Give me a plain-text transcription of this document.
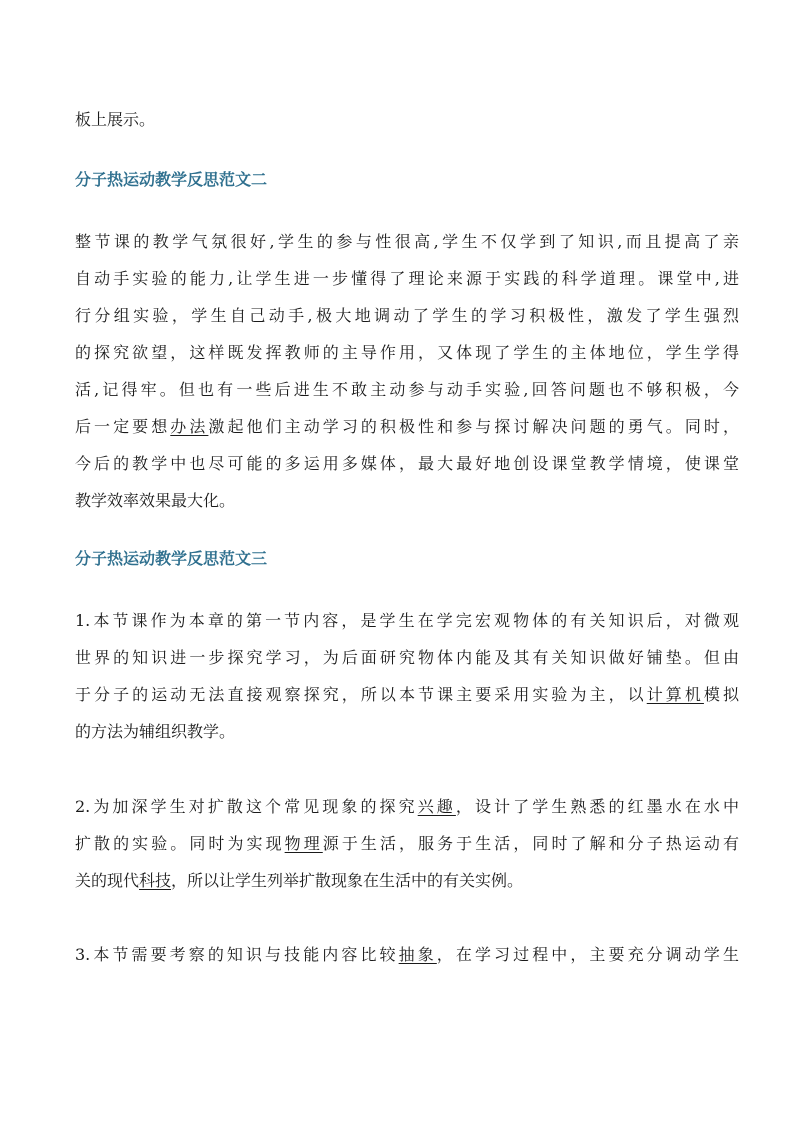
板上展示。
分子热运动教学反思范文二
整节课的教学气氛很好,学生的参与性很高,学生不仅学到了知识,而且提高了亲
自动手实验的能力,让学生进一步懂得了理论来源于实践的科学道理。课堂中,进
行分组实验，学生自己动手,极大地调动了学生的学习积极性，激发了学生强烈
的探究欲望，这样既发挥教师的主导作用，又体现了学生的主体地位，学生学得
活,记得牢。但也有一些后进生不敢主动参与动手实验,回答问题也不够积极，今
后一定要想办法激起他们主动学习的积极性和参与探讨解决问题的勇气。同时，
今后的教学中也尽可能的多运用多媒体，最大最好地创设课堂教学情境，使课堂
教学效率效果最大化。
分子热运动教学反思范文三
1.本节课作为本章的第一节内容，是学生在学完宏观物体的有关知识后，对微观
世界的知识进一步探究学习，为后面研究物体内能及其有关知识做好铺垫。但由
于分子的运动无法直接观察探究，所以本节课主要采用实验为主，以计算机模拟
的方法为辅组织教学。
2.为加深学生对扩散这个常见现象的探究兴趣，设计了学生熟悉的红墨水在水中
扩散的实验。同时为实现物理源于生活，服务于生活，同时了解和分子热运动有
关的现代科技，所以让学生列举扩散现象在生活中的有关实例。
3.本节需要考察的知识与技能内容比较抽象，在学习过程中，主要充分调动学生
